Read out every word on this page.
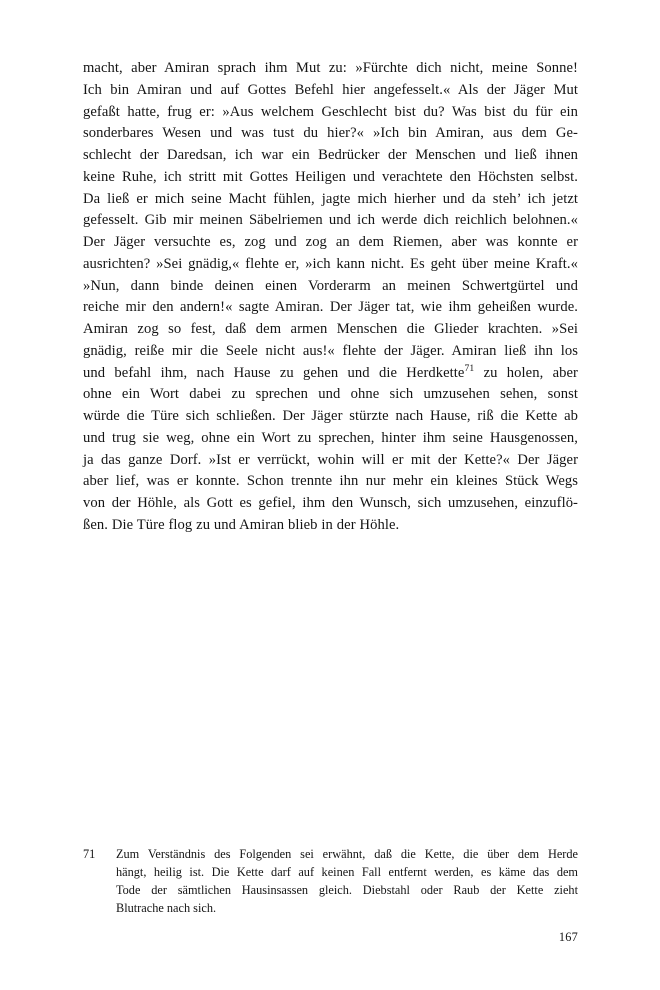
macht, aber Amiran sprach ihm Mut zu: »Fürchte dich nicht, meine Sonne!
Ich bin Amiran und auf Gottes Befehl hier angefesselt.« Als der Jäger Mut
gefaßt hatte, frug er: »Aus welchem Geschlecht bist du? Was bist du für ein
sonderbares Wesen und was tust du hier?« »Ich bin Amiran, aus dem Ge-
schlecht der Daredsan, ich war ein Bedrücker der Menschen und ließ ihnen
keine Ruhe, ich stritt mit Gottes Heiligen und verachtete den Höchsten selbst.
Da ließ er mich seine Macht fühlen, jagte mich hierher und da steh’ ich jetzt
gefesselt. Gib mir meinen Säbelriemen und ich werde dich reichlich belohnen.«
Der Jäger versuchte es, zog und zog an dem Riemen, aber was konnte er
ausrichten? »Sei gnädig,« flehte er, »ich kann nicht. Es geht über meine Kraft.«
»Nun, dann binde deinen einen Vorderarm an meinen Schwertgürtel und
reiche mir den andern!« sagte Amiran. Der Jäger tat, wie ihm geheißen wurde.
Amiran zog so fest, daß dem armen Menschen die Glieder krachten. »Sei
gnädig, reiße mir die Seele nicht aus!« flehte der Jäger. Amiran ließ ihn los
und befahl ihm, nach Hause zu gehen und die Herdkette$^{71}$ zu holen, aber
ohne ein Wort dabei zu sprechen und ohne sich umzusehen sehen, sonst
würde die Türe sich schließen. Der Jäger stürzte nach Hause, riß die Kette ab
und trug sie weg, ohne ein Wort zu sprechen, hinter ihm seine Hausgenossen,
ja das ganze Dorf. »Ist er verrückt, wohin will er mit der Kette?« Der Jäger
aber lief, was er konnte. Schon trennte ihn nur mehr ein kleines Stück Wegs
von der Höhle, als Gott es gefiel, ihm den Wunsch, sich umzusehen, einzuflö-
ßen. Die Türe flog zu und Amiran blieb in der Höhle.
71	Zum Verständnis des Folgenden sei erwähnt, daß die Kette, die über dem Herde
hängt, heilig ist. Die Kette darf auf keinen Fall entfernt werden, es käme das dem
Tode der sämtlichen Hausinsassen gleich. Diebstahl oder Raub der Kette zieht
Blutrache nach sich.
167
